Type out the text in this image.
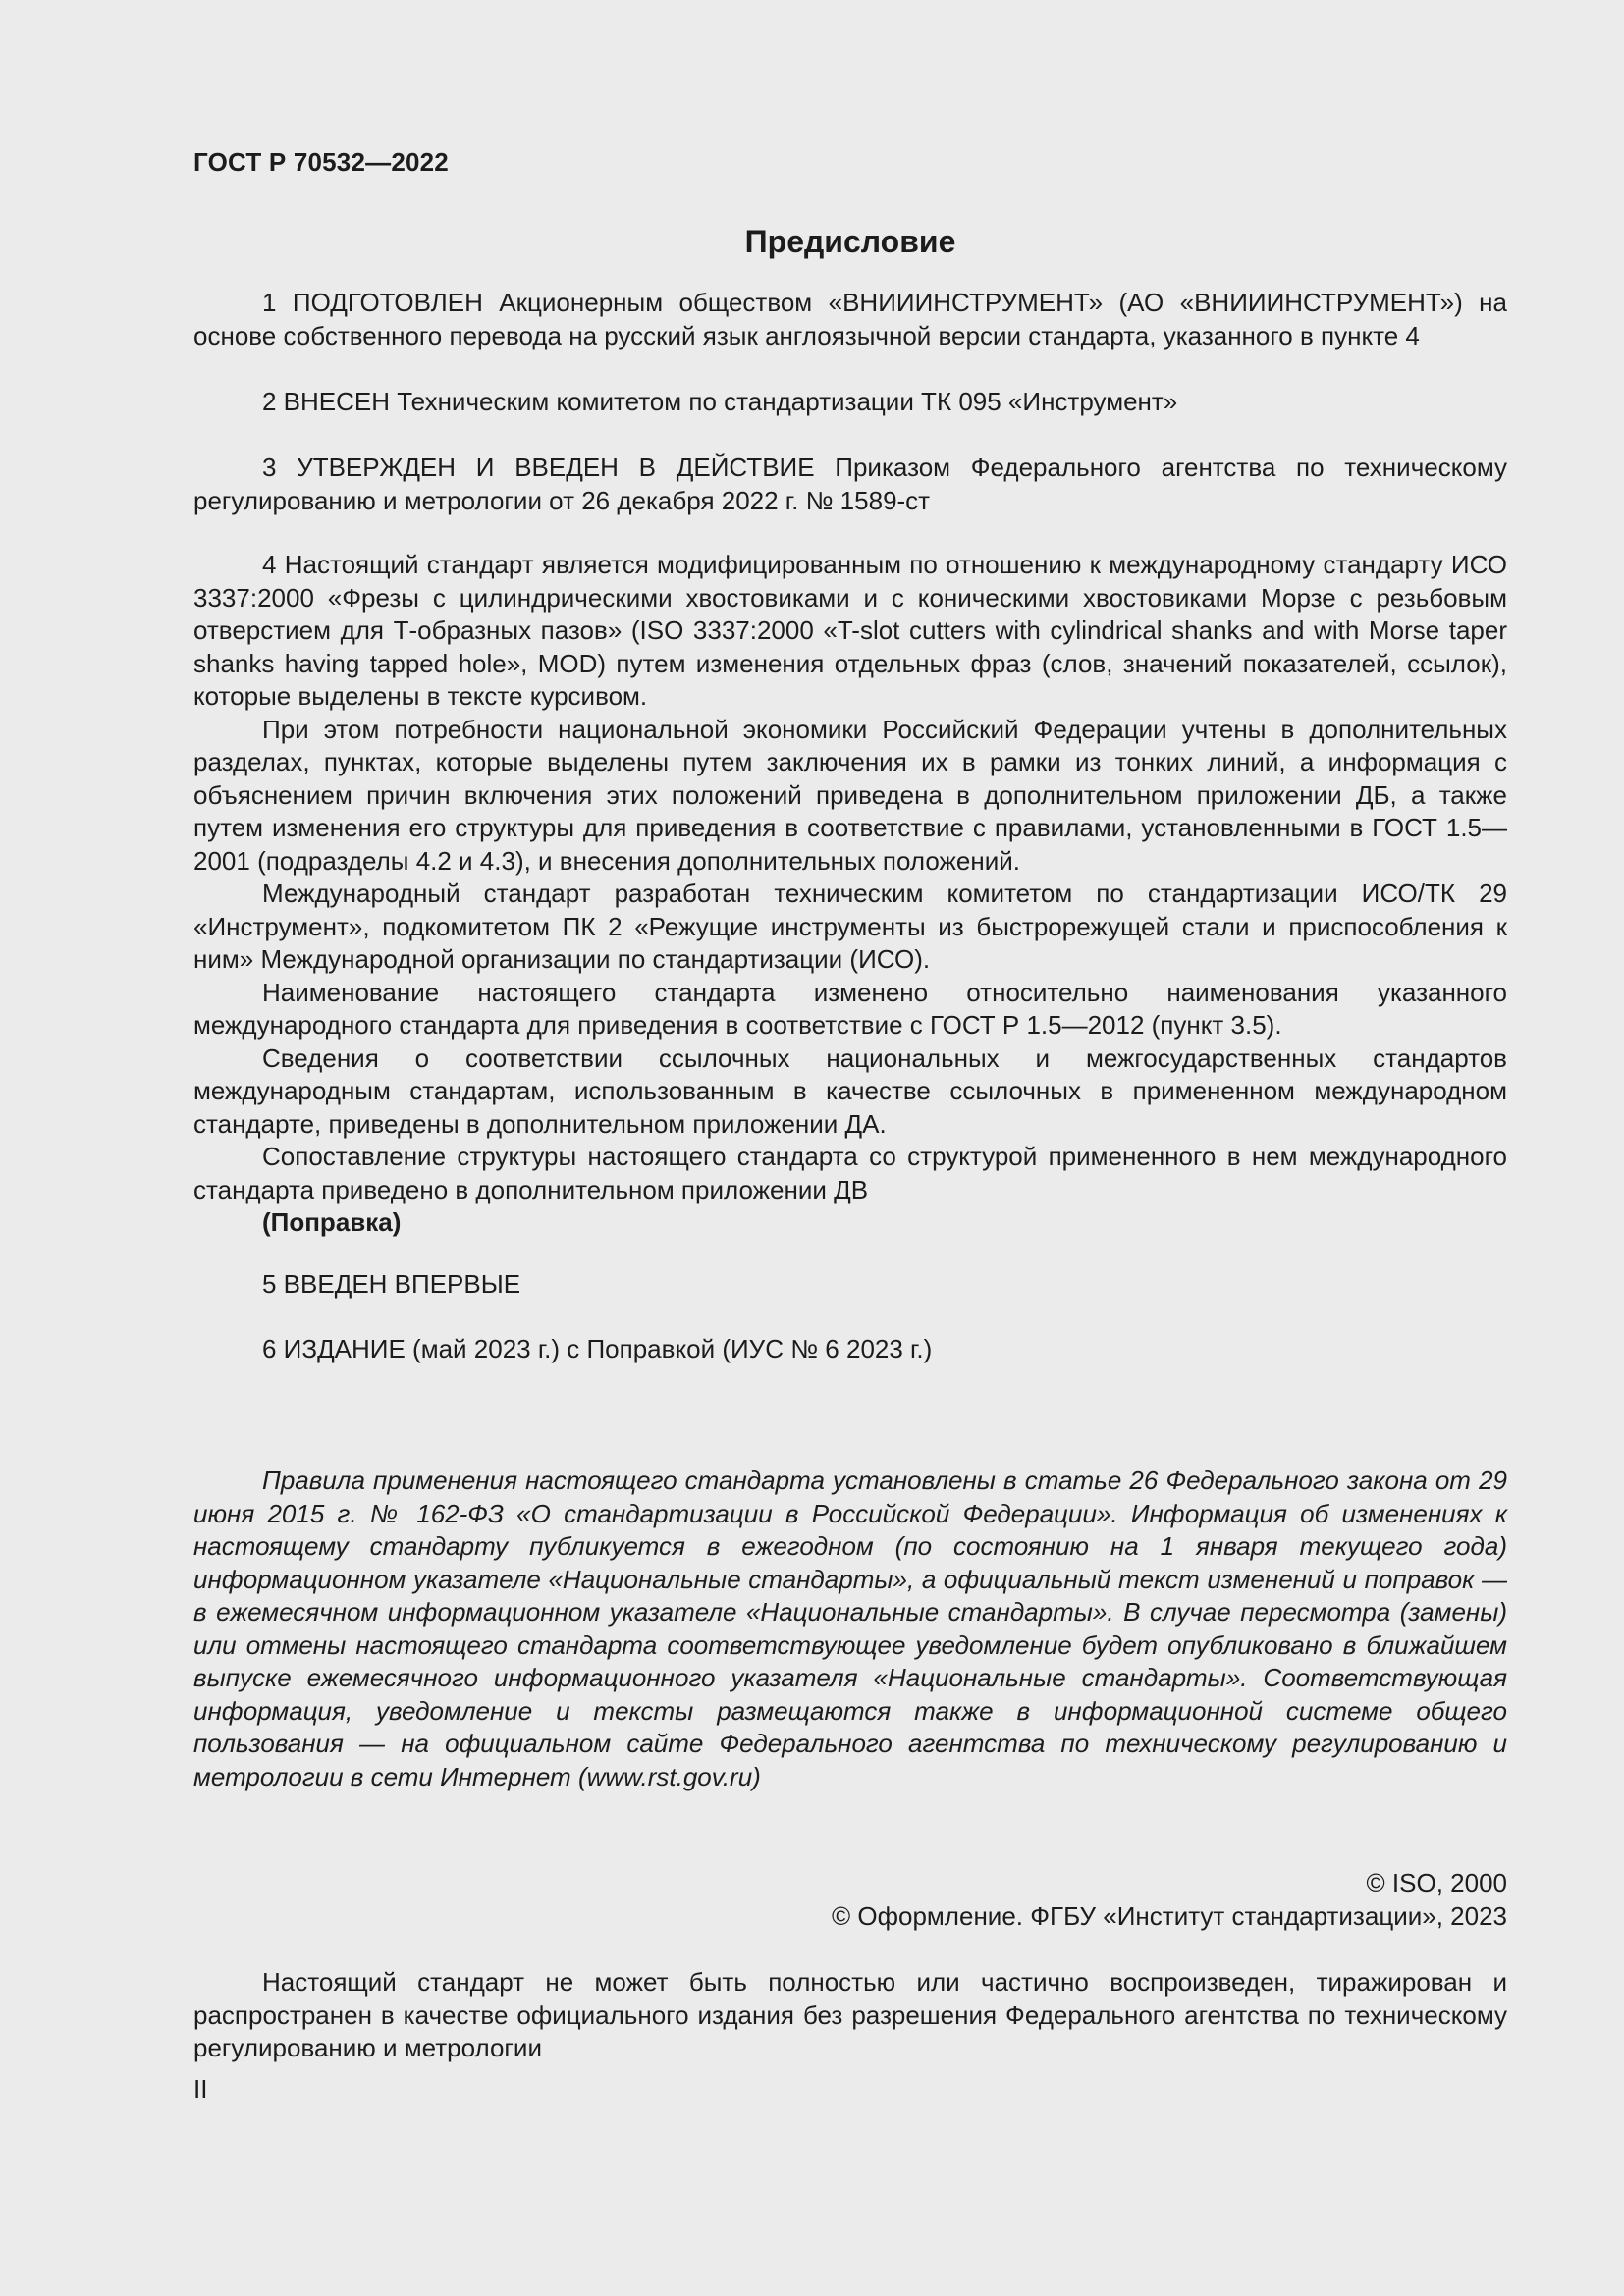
ГОСТ Р 70532—2022
Предисловие

1 ПОДГОТОВЛЕН Акционерным обществом «ВНИИИНСТРУМЕНТ» (АО «ВНИИИНСТРУМЕНТ») на основе собственного перевода на русский язык англоязычной версии стандарта, указанного в пункте 4

2 ВНЕСЕН Техническим комитетом по стандартизации ТК 095 «Инструмент»

3 УТВЕРЖДЕН И ВВЕДЕН В ДЕЙСТВИЕ Приказом Федерального агентства по техническому регулированию и метрологии от 26 декабря 2022 г. № 1589-ст

4 Настоящий стандарт является модифицированным по отношению к международному стандарту ИСО 3337:2000 «Фрезы с цилиндрическими хвостовиками и с коническими хвостовиками Морзе с резьбовым отверстием для Т-образных пазов» (ISO 3337:2000 «T-slot cutters with cylindrical shanks and with Morse taper shanks having tapped hole», MOD) путем изменения отдельных фраз (слов, значений показателей, ссылок), которые выделены в тексте курсивом.

При этом потребности национальной экономики Российский Федерации учтены в дополнительных разделах, пунктах, которые выделены путем заключения их в рамки из тонких линий, а информация с объяснением причин включения этих положений приведена в дополнительном приложении ДБ, а также путем изменения его структуры для приведения в соответствие с правилами, установленными в ГОСТ 1.5—2001 (подразделы 4.2 и 4.3), и внесения дополнительных положений.

Международный стандарт разработан техническим комитетом по стандартизации ИСО/ТК 29 «Инструмент», подкомитетом ПК 2 «Режущие инструменты из быстрорежущей стали и приспособления к ним» Международной организации по стандартизации (ИСО).

Наименование настоящего стандарта изменено относительно наименования указанного международного стандарта для приведения в соответствие с ГОСТ Р 1.5—2012 (пункт 3.5).

Сведения о соответствии ссылочных национальных и межгосударственных стандартов международным стандартам, использованным в качестве ссылочных в примененном международном стандарте, приведены в дополнительном приложении ДА.

Сопоставление структуры настоящего стандарта со структурой примененного в нем международного стандарта приведено в дополнительном приложении ДВ

(Поправка)

5 ВВЕДЕН ВПЕРВЫЕ

6 ИЗДАНИЕ (май 2023 г.) с Поправкой (ИУС № 6 2023 г.)

Правила применения настоящего стандарта установлены в статье 26 Федерального закона от 29 июня 2015 г. № 162-ФЗ «О стандартизации в Российской Федерации». Информация об изменениях к настоящему стандарту публикуется в ежегодном (по состоянию на 1 января текущего года) информационном указателе «Национальные стандарты», а официальный текст изменений и поправок — в ежемесячном информационном указателе «Национальные стандарты». В случае пересмотра (замены) или отмены настоящего стандарта соответствующее уведомление будет опубликовано в ближайшем выпуске ежемесячного информационного указателя «Национальные стандарты». Соответствующая информация, уведомление и тексты размещаются также в информационной системе общего пользования — на официальном сайте Федерального агентства по техническому регулированию и метрологии в сети Интернет (www.rst.gov.ru)

© ISO, 2000
© Оформление. ФГБУ «Институт стандартизации», 2023

Настоящий стандарт не может быть полностью или частично воспроизведен, тиражирован и распространен в качестве официального издания без разрешения Федерального агентства по техническому регулированию и метрологии

II
